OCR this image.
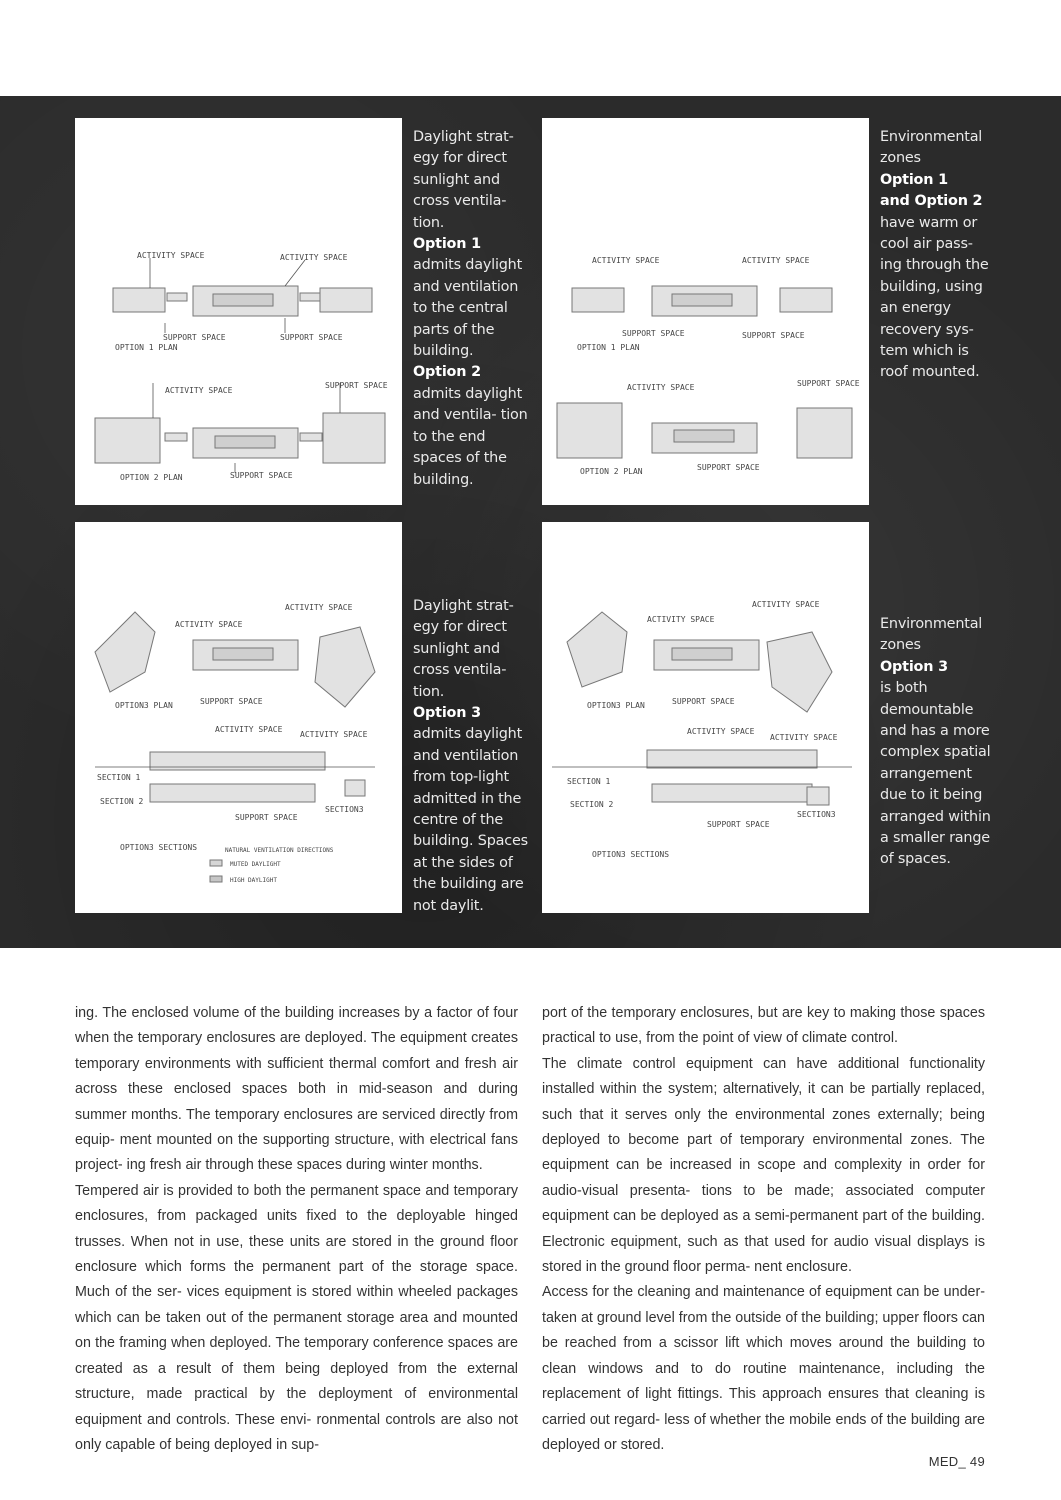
ACTIVITY SPACE	ACTIVITY SPACE
SUPPORT SPACE	SUPPORT SPACE
OPTION 1 PLAN
ACTIVITY SPACE
SUPPORT SPACE
SUPPORT SPACE
OPTION 2 PLAN
Daylight strat- egy for direct sunlight and cross ventila- tion.
Option 1
admits daylight and ventilation to the central parts of the building.
Option 2
admits daylight and ventila- tion to the end spaces of the building.
ACTIVITY SPACE	ACTIVITY SPACE
SUPPORT SPACE	SUPPORT SPACE
OPTION 1 PLAN
ACTIVITY SPACE	SUPPORT SPACE
SUPPORT SPACE
OPTION 2 PLAN
Environmental zones
Option 1
and Option 2
have warm or cool air pass- ing through the building, using an energy recovery sys- tem which is roof mounted.
ACTIVITY SPACE
ACTIVITY SPACE
SUPPORT SPACE
OPTION3 PLAN
ACTIVITY SPACE
ACTIVITY SPACE
SECTION 1
SECTION 2
SECTION3
SUPPORT SPACE
OPTION3 SECTIONS	NATURAL VENTILATION DIRECTIONS
MUTED DAYLIGHT
HIGH DAYLIGHT
Daylight strat- egy for direct sunlight and cross ventila- tion.
Option 3
admits daylight and ventilation from top-light admitted in the centre of the building. Spaces at the sides of the building are not daylit.
ACTIVITY SPACE
ACTIVITY SPACE
SUPPORT SPACE
OPTION3 PLAN
ACTIVITY SPACE
ACTIVITY SPACE
SECTION 1
SECTION 2
SECTION3
SUPPORT SPACE
OPTION3 SECTIONS
Environmental zones
Option 3
is both demountable and has a more complex spatial arrangement due to it being arranged within a smaller range of spaces.

ing. The enclosed volume of the building increases by a factor of four when the temporary enclosures are deployed. The equipment creates temporary environments with sufficient thermal comfort and fresh air across these enclosed spaces both in mid-season and during summer months. The temporary enclosures are serviced directly from equip- ment mounted on the supporting structure, with electrical fans project- ing fresh air through these spaces during winter months.

Tempered air is provided to both the permanent space and temporary enclosures, from packaged units fixed to the deployable hinged trusses. When not in use, these units are stored in the ground floor enclosure which forms the permanent part of the storage space. Much of the ser- vices equipment is stored within wheeled packages which can be taken out of the permanent storage area and mounted on the framing when deployed. The temporary conference spaces are created as a result of them being deployed from the external structure, made practical by the deployment of environmental equipment and controls. These envi- ronmental controls are also not only capable of being deployed in sup-

port of the temporary enclosures, but are key to making those spaces practical to use, from the point of view of climate control.

The climate control equipment can have additional functionality installed within the system; alternatively, it can be partially replaced, such that it serves only the environmental zones externally; being deployed to become part of temporary environmental zones. The equipment can be increased in scope and complexity in order for audio-visual presenta- tions to be made; associated computer equipment can be deployed as a semi-permanent part of the building. Electronic equipment, such as that used for audio visual displays is stored in the ground floor perma- nent enclosure.

Access for the cleaning and maintenance of equipment can be under- taken at ground level from the outside of the building; upper floors can be reached from a scissor lift which moves around the building to clean windows and to do routine maintenance, including the replacement of light fittings. This approach ensures that cleaning is carried out regard- less of whether the mobile ends of the building are deployed or stored.

MED_ 49
